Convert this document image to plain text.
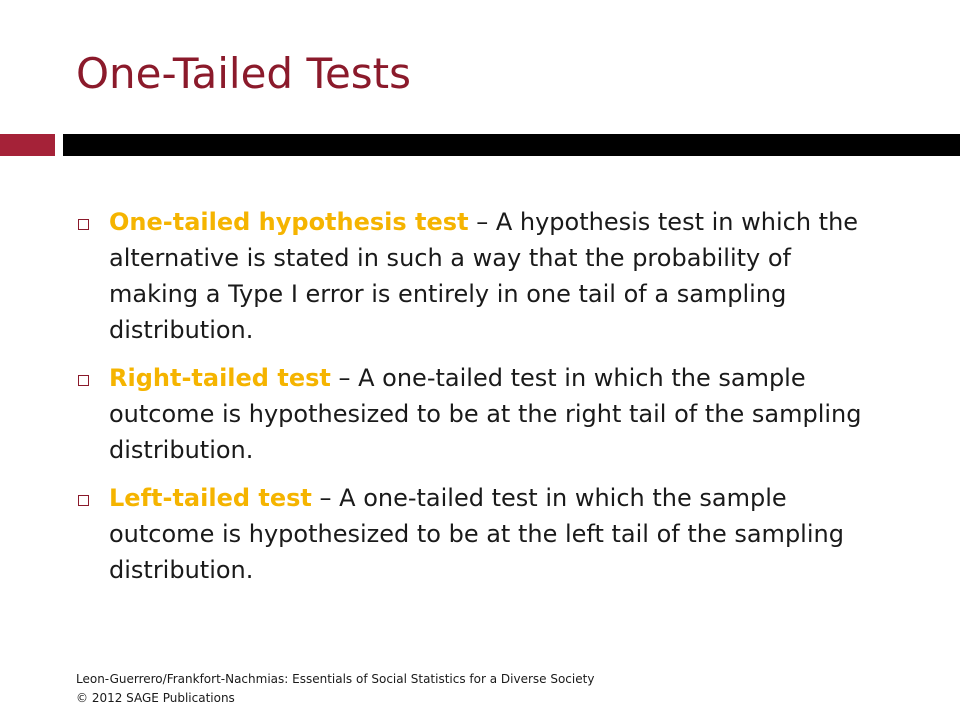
One-Tailed Tests
One-tailed hypothesis test – A hypothesis test in which the alternative is stated in such a way that the probability of making a Type I error is entirely in one tail of a sampling distribution.
Right-tailed test – A one-tailed test in which the sample outcome is hypothesized to be at the right tail of the sampling distribution.
Left-tailed test – A one-tailed test in which the sample outcome is hypothesized to be at the left tail of the sampling distribution.
Leon-Guerrero/Frankfort-Nachmias: Essentials of Social Statistics for a Diverse Society
© 2012 SAGE Publications
